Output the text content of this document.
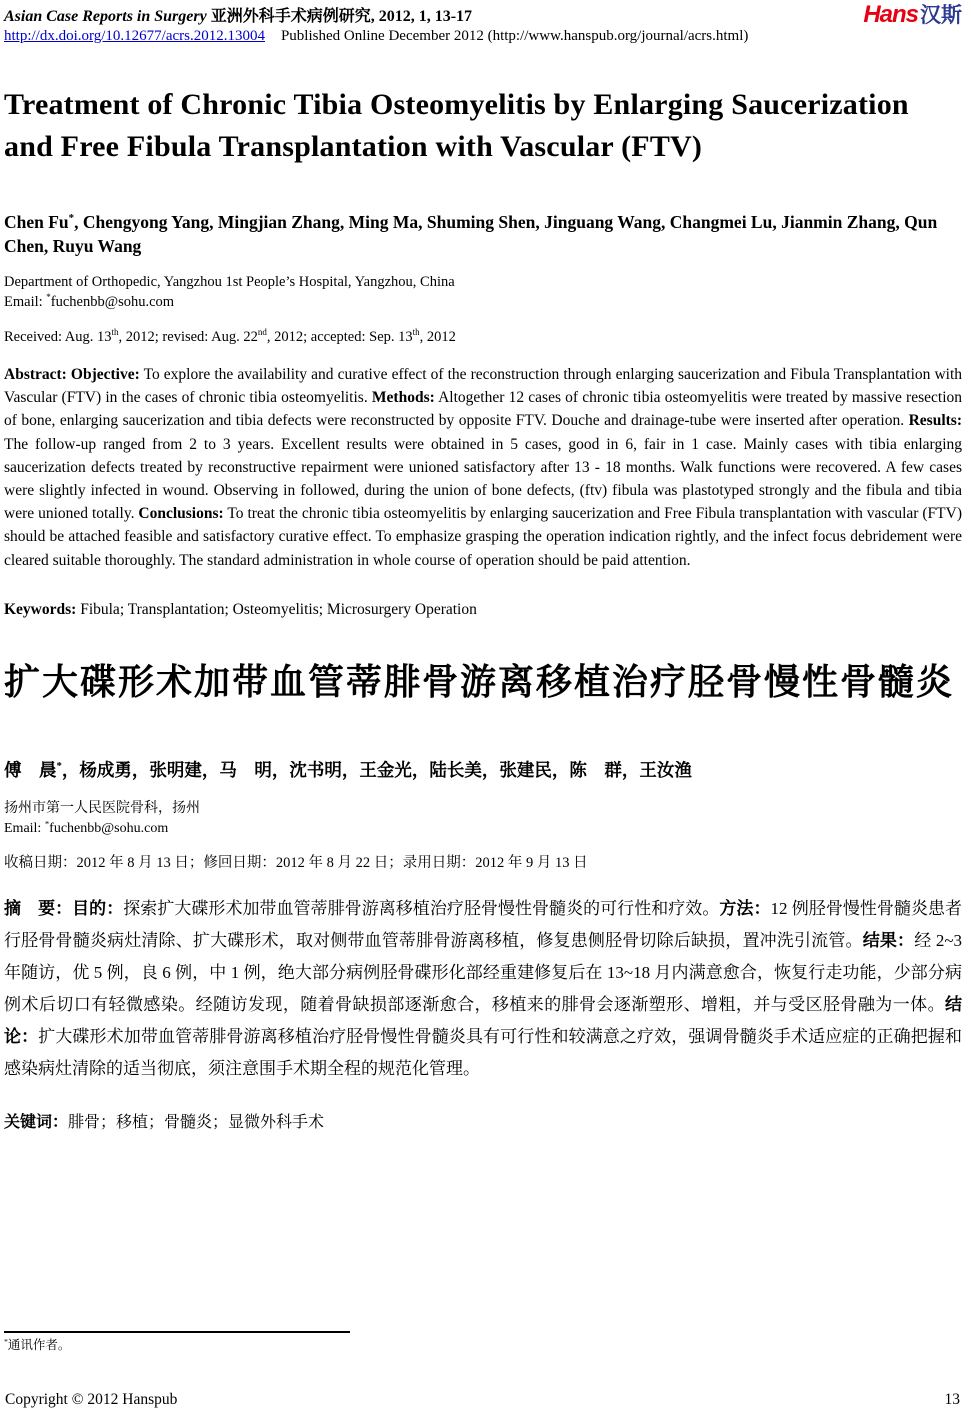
Asian Case Reports in Surgery 亚洲外科手术病例研究, 2012, 1, 13-17	Hans汉斯
http://dx.doi.org/10.12677/acrs.2012.13004 Published Online December 2012 (http://www.hanspub.org/journal/acrs.html)
Treatment of Chronic Tibia Osteomyelitis by Enlarging Saucerization and Free Fibula Transplantation with Vascular (FTV)
Chen Fu*, Chengyong Yang, Mingjian Zhang, Ming Ma, Shuming Shen, Jinguang Wang, Changmei Lu, Jianmin Zhang, Qun Chen, Ruyu Wang
Department of Orthopedic, Yangzhou 1st People’s Hospital, Yangzhou, China
Email: *fuchenbb@sohu.com
Received: Aug. 13th, 2012; revised: Aug. 22nd, 2012; accepted: Sep. 13th, 2012
Abstract: Objective: To explore the availability and curative effect of the reconstruction through enlarging saucerization and Fibula Transplantation with Vascular (FTV) in the cases of chronic tibia osteomyelitis. Methods: Altogether 12 cases of chronic tibia osteomyelitis were treated by massive resection of bone, enlarging saucerization and tibia defects were reconstructed by opposite FTV. Douche and drainage-tube were inserted after operation. Results: The follow-up ranged from 2 to 3 years. Excellent results were obtained in 5 cases, good in 6, fair in 1 case. Mainly cases with tibia enlarging saucerization defects treated by reconstructive repairment were unioned satisfactory after 13 - 18 months. Walk functions were recovered. A few cases were slightly infected in wound. Observing in followed, during the union of bone defects, (ftv) fibula was plastotyped strongly and the fibula and tibia were unioned totally. Conclusions: To treat the chronic tibia osteomyelitis by enlarging saucerization and Free Fibula transplantation with vascular (FTV) should be attached feasible and satisfactory curative effect. To emphasize grasping the operation indication rightly, and the infect focus debridement were cleared suitable thoroughly. The standard administration in whole course of operation should be paid attention.
Keywords: Fibula; Transplantation; Osteomyelitis; Microsurgery Operation
扩大碟形术加带血管蒂腓骨游离移植治疗胫骨慢性骨髓炎
傅　晨*，杨成勇，张明建，马　明，沈书明，王金光，陆长美，张建民，陈　群，王汝渔
扬州市第一人民医院骨科，扬州
Email: *fuchenbb@sohu.com
收稿日期：2012 年 8 月 13 日；修回日期：2012 年 8 月 22 日；录用日期：2012 年 9 月 13 日
摘　要：目的：探索扩大碟形术加带血管蒂腓骨游离移植治疗胫骨慢性骨髓炎的可行性和疗效。方法：12 例胫骨慢性骨髓炎患者行胫骨骨髓炎病灶清除、扩大碟形术，取对侧带血管蒂腓骨游离移植，修复患侧胫骨切除后缺损，置冲洗引流管。结果：经 2~3 年随访，优 5 例，良 6 例，中 1 例，绝大部分病例胫骨碟形化部经重建修复后在 13~18 月内满意愈合，恢复行走功能，少部分病例术后切口有轻微感染。经随访发现，随着骨缺损部逐渐愈合，移植来的腓骨会逐渐塑形、增粗，并与受区胫骨融为一体。结论：扩大碟形术加带血管蒂腓骨游离移植治疗胫骨慢性骨髓炎具有可行性和较满意之疗效，强调骨髓炎手术适应症的正确把握和感染病灶清除的适当彻底，须注意围手术期全程的规范化管理。
关键词：腓骨；移植；骨髓炎；显微外科手术
*通讯作者。
Copyright © 2012 Hanspub	13
